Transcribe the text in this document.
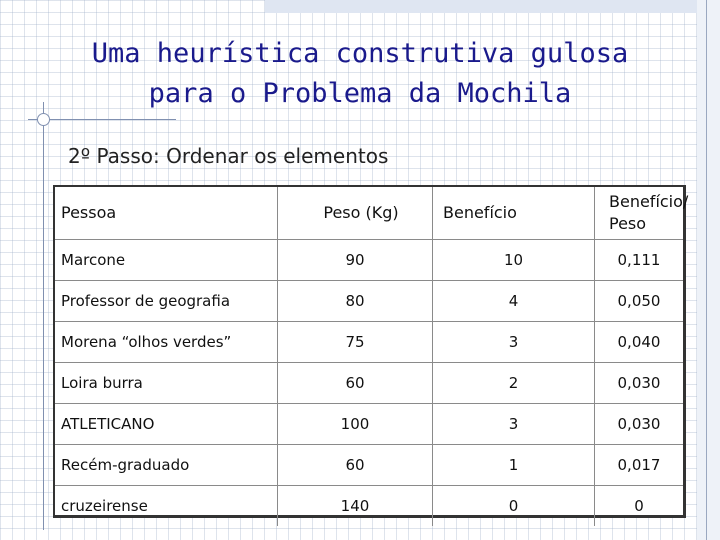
Uma heurística construtiva gulosa
para o Problema da Mochila
2º Passo: Ordenar os elementos
Pessoa	Peso (Kg)	Benefício	Benefício/
Peso
Marcone	90	10	0,111
Professor de geografia	80	4	0,050
Morena “olhos verdes”	75	3	0,040
Loira burra	60	2	0,030
ATLETICANO	100	3	0,030
Recém-graduado	60	1	0,017
cruzeirense	140	0	0
